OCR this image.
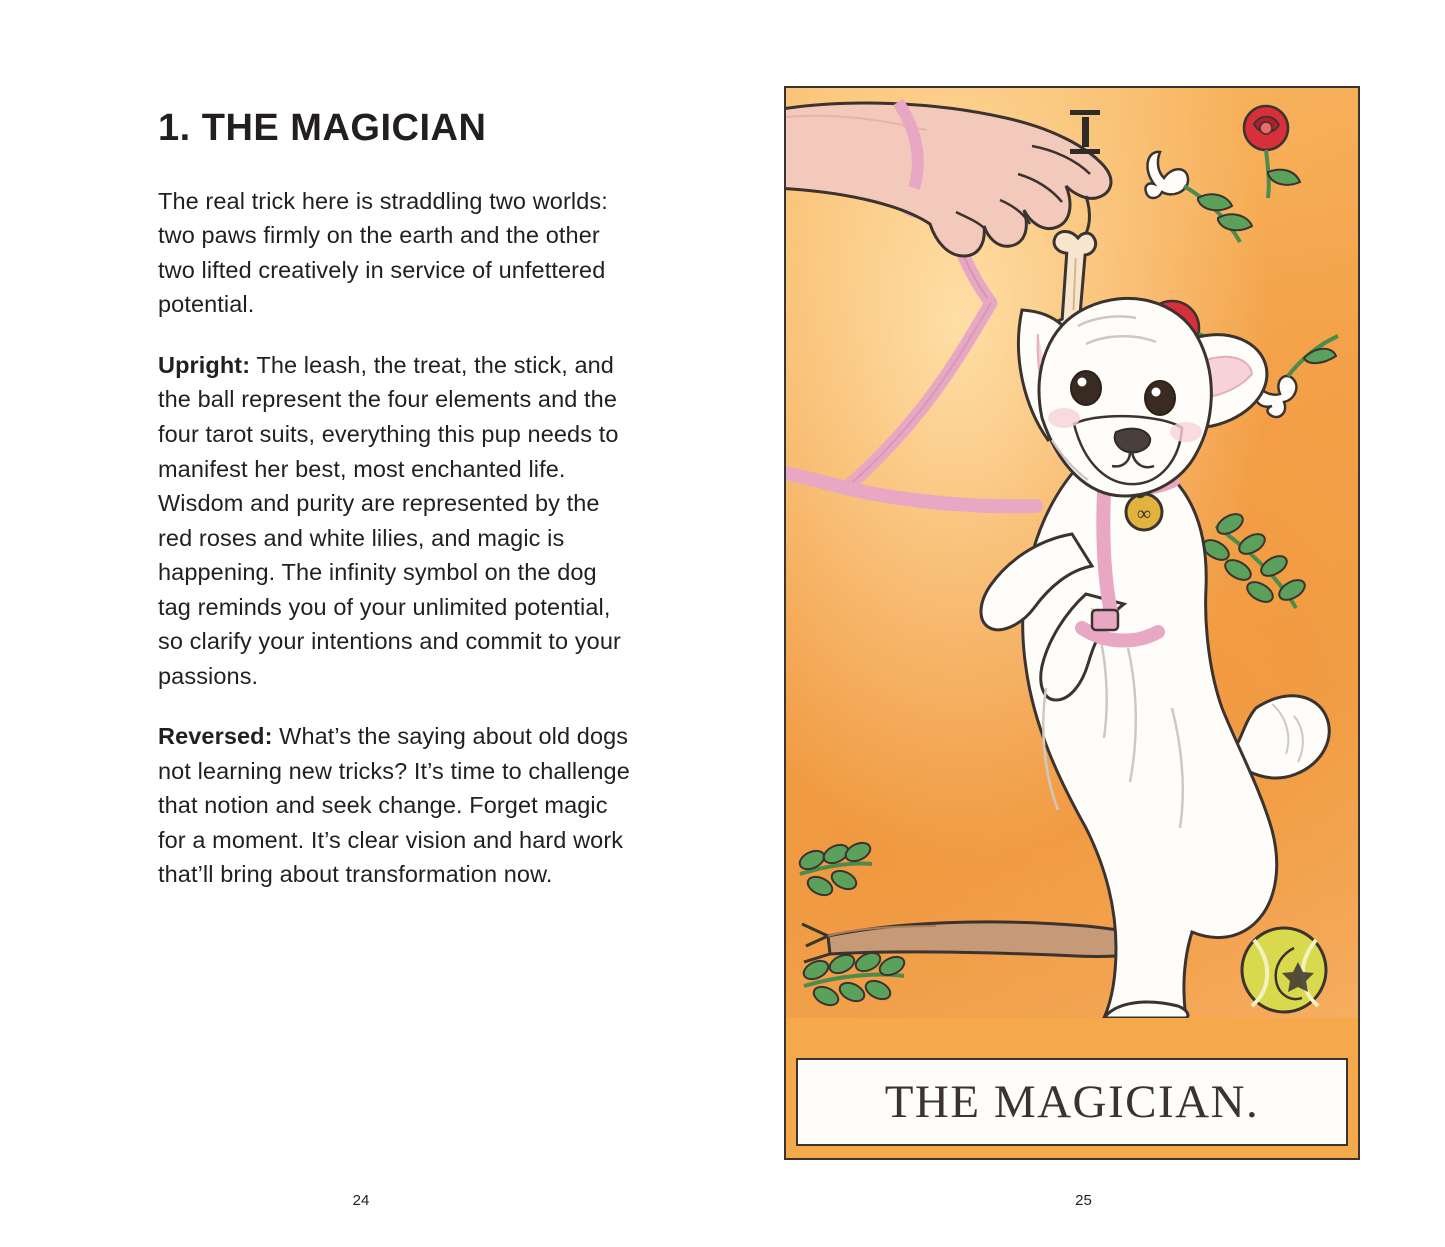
1. THE MAGICIAN

The real trick here is straddling two worlds: two paws firmly on the earth and the other two lifted creatively in service of unfettered potential.

Upright: The leash, the treat, the stick, and the ball represent the four elements and the four tarot suits, everything this pup needs to manifest her best, most enchanted life. Wisdom and purity are represented by the red roses and white lilies, and magic is happening. The infinity symbol on the dog tag reminds you of your unlimited potential, so clarify your intentions and commit to your passions.

Reversed: What’s the saying about old dogs not learning new tricks? It’s time to challenge that notion and seek change. Forget magic for a moment. It’s clear vision and hard work that’ll bring about transformation now.

24
∞
THE MAGICIAN.
25
